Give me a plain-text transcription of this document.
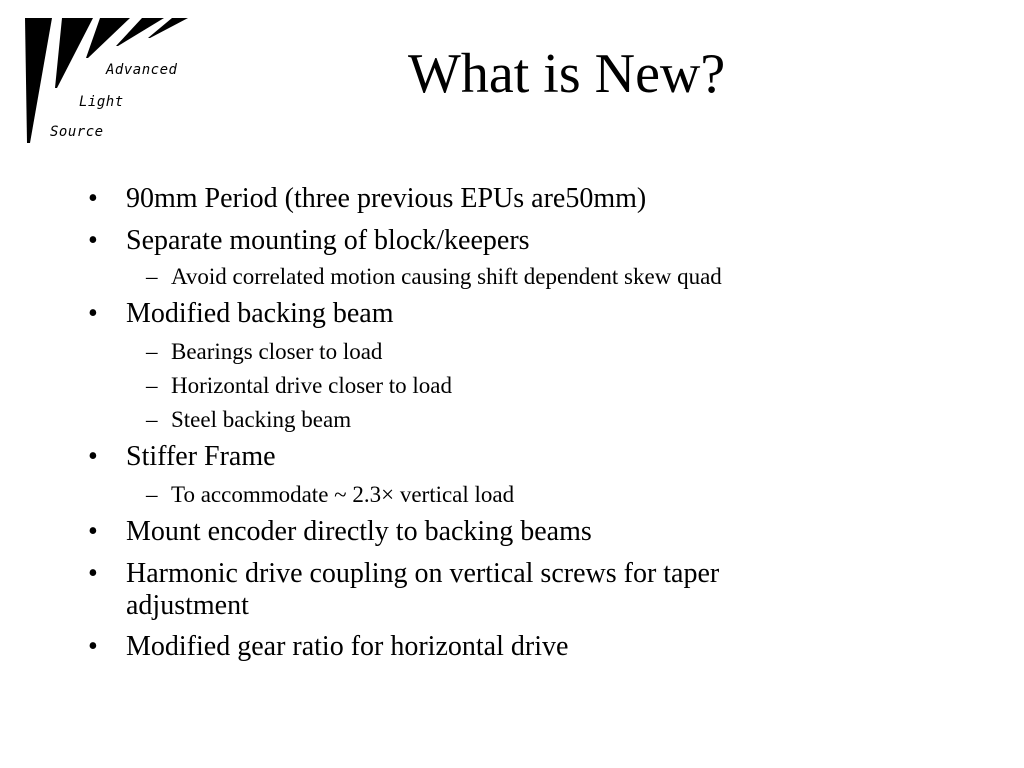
Advanced
Light
Source
What is New?
• 90mm Period (three previous EPUs are50mm)
• Separate mounting of block/keepers
– Avoid correlated motion causing shift dependent skew quad
• Modified backing beam
– Bearings closer to load
– Horizontal drive closer to load
– Steel backing beam
• Stiffer Frame
– To accommodate ~ 2.3× vertical load
• Mount encoder directly to backing beams
• Harmonic drive coupling on vertical screws for taper
adjustment
• Modified gear ratio for horizontal drive
